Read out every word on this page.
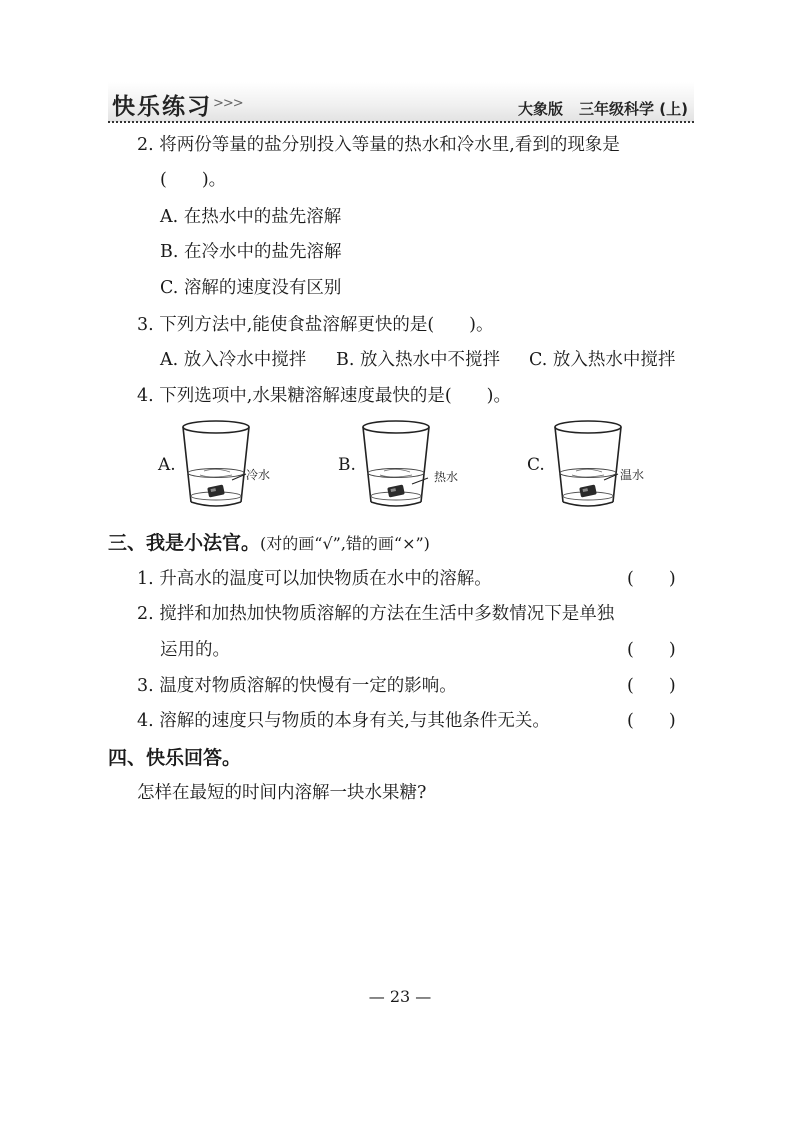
快乐练习 >>>	大象版 三年级科学 (上)
2. 将两份等量的盐分别投入等量的热水和冷水里,看到的现象是
(　　)。
A. 在热水中的盐先溶解
B. 在冷水中的盐先溶解
C. 溶解的速度没有区别
3. 下列方法中,能使食盐溶解更快的是(　　)。
A. 放入冷水中搅拌 B. 放入热水中不搅拌 C. 放入热水中搅拌
4. 下列选项中,水果糖溶解速度最快的是(　　)。
A.	B.	C.
冷水	热水	温水
三、我是小法官。(对的画“√”,错的画“×”)
1. 升高水的温度可以加快物质在水中的溶解。	(　　)
2. 搅拌和加热加快物质溶解的方法在生活中多数情况下是单独
运用的。	(　　)
3. 温度对物质溶解的快慢有一定的影响。	(　　)
4. 溶解的速度只与物质的本身有关,与其他条件无关。	(　　)
四、快乐回答。
怎样在最短的时间内溶解一块水果糖?
— 23 —
